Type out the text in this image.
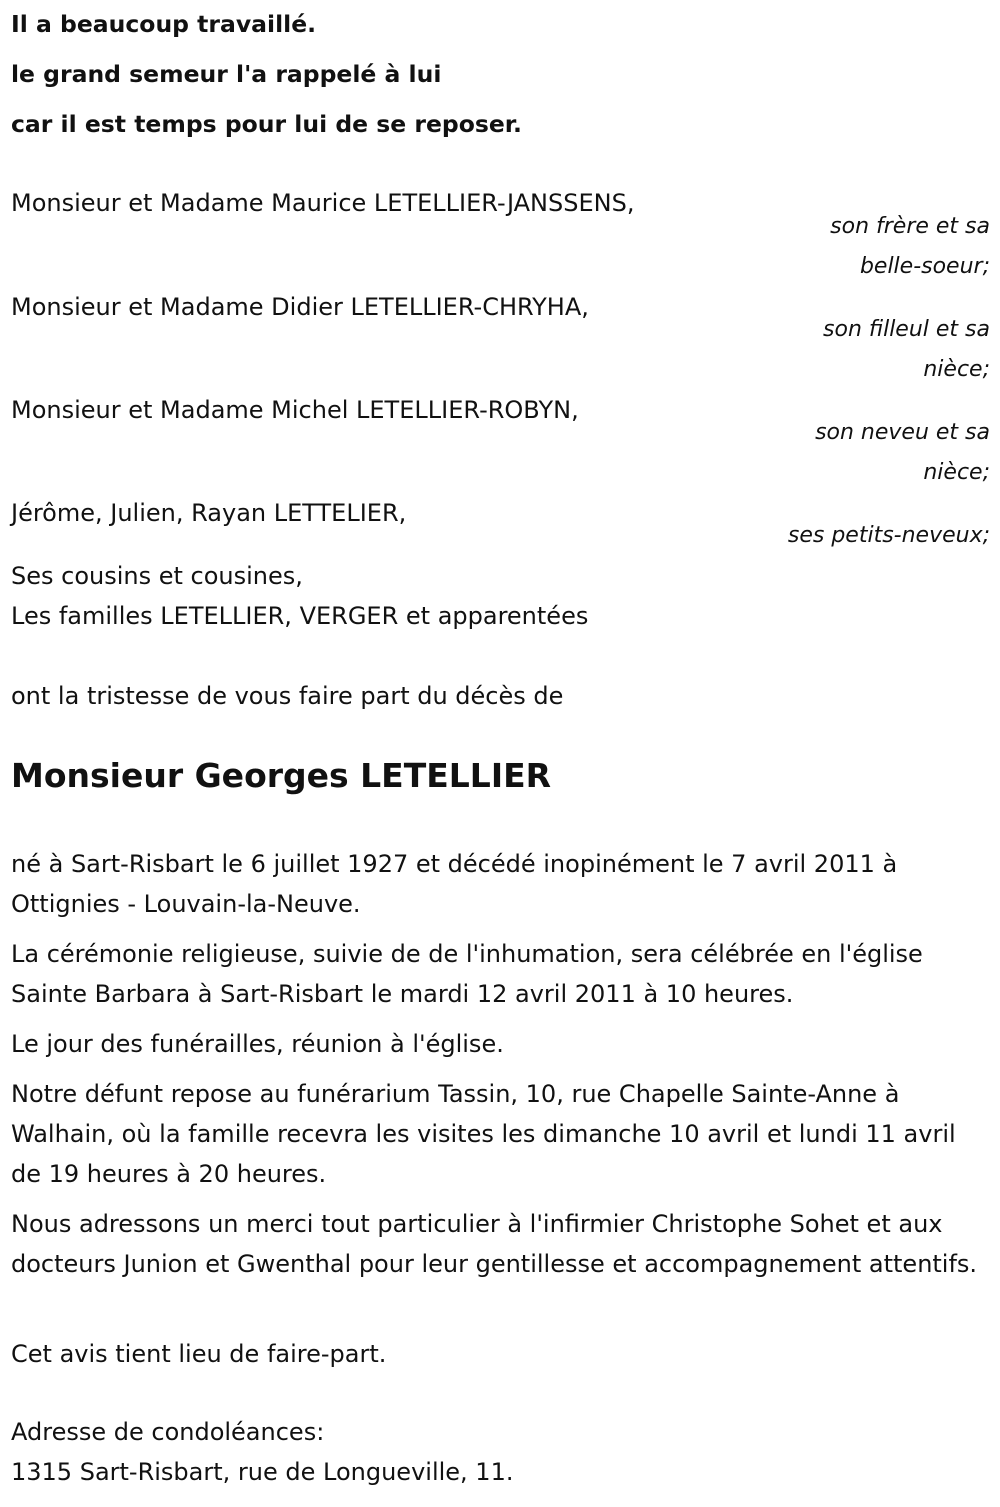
Il a beaucoup travaillé.
le grand semeur l'a rappelé à lui
car il est temps pour lui de se reposer.
Monsieur et Madame Maurice LETELLIER-JANSSENS,
son frère et sa
belle-soeur;
Monsieur et Madame Didier LETELLIER-CHRYHA,
son filleul et sa
nièce;
Monsieur et Madame Michel LETELLIER-ROBYN,
son neveu et sa
nièce;
Jérôme, Julien, Rayan LETTELIER,
ses petits-neveux;
Ses cousins et cousines,
Les familles LETELLIER, VERGER et apparentées
ont la tristesse de vous faire part du décès de
Monsieur Georges LETELLIER
né à Sart-Risbart le 6 juillet 1927 et décédé inopinément le 7 avril 2011 à Ottignies - Louvain-la-Neuve.
La cérémonie religieuse, suivie de de l'inhumation, sera célébrée en l'église Sainte Barbara à Sart-Risbart le mardi 12 avril 2011 à 10 heures.
Le jour des funérailles, réunion à l'église.
Notre défunt repose au funérarium Tassin, 10, rue Chapelle Sainte-Anne à Walhain, où la famille recevra les visites les dimanche 10 avril et lundi 11 avril de 19 heures à 20 heures.
Nous adressons un merci tout particulier à l'infirmier Christophe Sohet et aux docteurs Junion et Gwenthal pour leur gentillesse et accompagnement attentifs.
Cet avis tient lieu de faire-part.
Adresse de condoléances:
1315 Sart-Risbart, rue de Longueville, 11.
